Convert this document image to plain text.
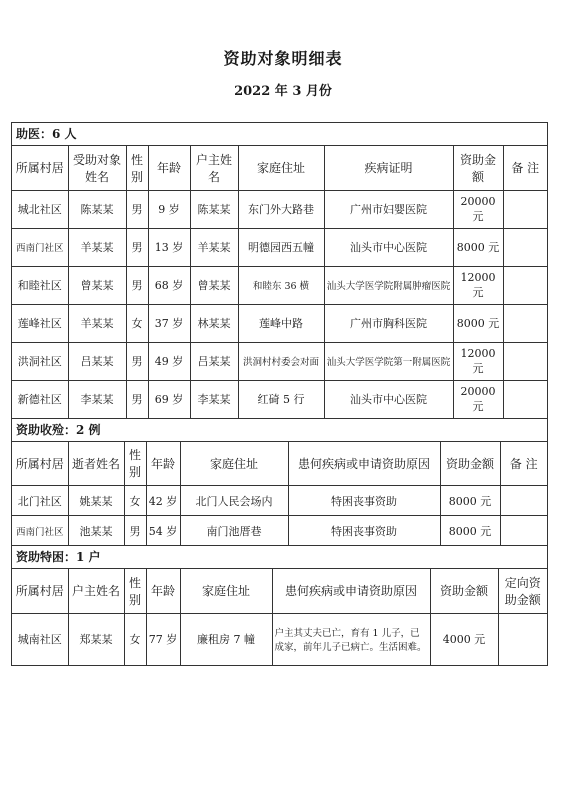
资助对象明细表
2022 年 3 月份
助医：6 人
所属村居	受助对象姓名	性别	年龄	户主姓名	家庭住址	疾病证明	资助金额	备 注
城北社区	陈某某	男	9 岁	陈某某	东门外大路巷	广州市妇婴医院	20000 元	
西南门社区	羊某某	男	13 岁	羊某某	明德园西五幢	汕头市中心医院	8000 元	
和睦社区	曾某某	男	68 岁	曾某某	和睦东 36 横	汕头大学医学院附属肿瘤医院	12000 元	
莲峰社区	羊某某	女	37 岁	林某某	莲峰中路	广州市胸科医院	8000 元	
洪洞社区	吕某某	男	49 岁	吕某某	洪洞村村委会对面	汕头大学医学院第一附属医院	12000 元	
新德社区	李某某	男	69 岁	李某某	红碕 5 行	汕头市中心医院	20000 元	
资助收殓：2 例
所属村居	逝者姓名	性别	年龄	家庭住址	患何疾病或申请资助原因	资助金额	备 注
北门社区	姚某某	女	42 岁	北门人民会场内	特困丧事资助	8000 元	
西南门社区	池某某	男	54 岁	南门池厝巷	特困丧事资助	8000 元	
资助特困：1 户
所属村居	户主姓名	性别	年龄	家庭住址	患何疾病或申请资助原因	资助金额	定向资助金额
城南社区	郑某某	女	77 岁	廉租房 7 幢	户主其丈夫已亡，育有 1 儿子，已成家，前年儿子已病亡。生活困难。	4000 元	
